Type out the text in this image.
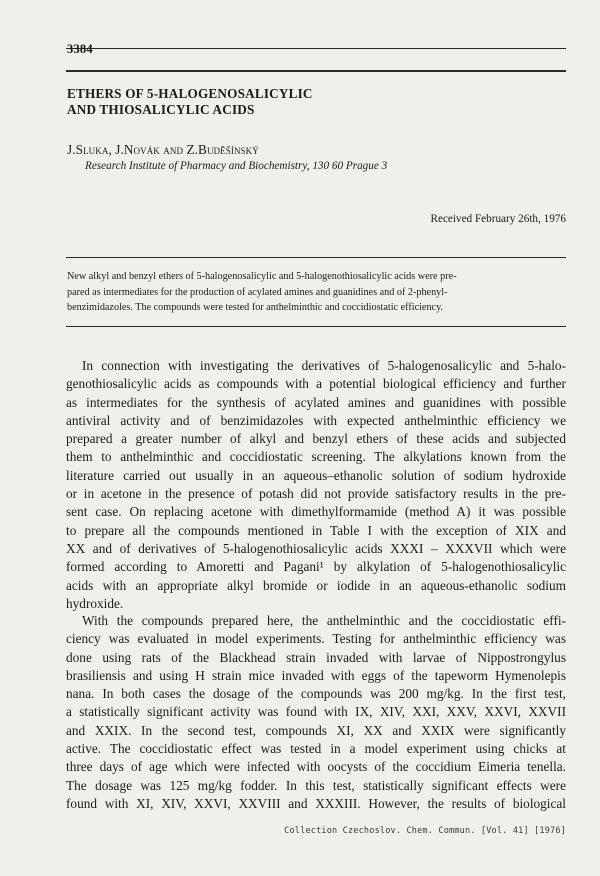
3384
ETHERS OF 5-HALOGENOSALICYLIC
AND THIOSALICYLIC ACIDS
J.Sluka, J.Novák and Z.Buděšínský
Research Institute of Pharmacy and Biochemistry, 130 60 Prague 3
Received February 26th, 1976
New alkyl and benzyl ethers of 5-halogenosalicylic and 5-halogenothiosalicylic acids were pre-
pared as intermediates for the production of acylated amines and guanidines and of 2-phenyl-
benzimidazoles. The compounds were tested for anthelminthic and coccidiostatic efficiency.
In connection with investigating the derivatives of 5-halogenosalicylic and 5-halo-
genothiosalicylic acids as compounds with a potential biological efficiency and further
as intermediates for the synthesis of acylated amines and guanidines with possible
antiviral activity and of benzimidazoles with expected anthelminthic efficiency we
prepared a greater number of alkyl and benzyl ethers of these acids and subjected
them to anthelminthic and coccidiostatic screening. The alkylations known from the
literature carried out usually in an aqueous–ethanolic solution of sodium hydroxide
or in acetone in the presence of potash did not provide satisfactory results in the pre-
sent case. On replacing acetone with dimethylformamide (method A) it was possible
to prepare all the compounds mentioned in Table I with the exception of XIX and
XX and of derivatives of 5-halogenothiosalicylic acids XXXI – XXXVII which were
formed according to Amoretti and Pagani¹ by alkylation of 5-halogenothiosalicylic
acids with an appropriate alkyl bromide or iodide in an aqueous-ethanolic sodium
hydroxide.
With the compounds prepared here, the anthelminthic and the coccidiostatic effi-
ciency was evaluated in model experiments. Testing for anthelminthic efficiency was
done using rats of the Blackhead strain invaded with larvae of Nippostrongylus
brasiliensis and using H strain mice invaded with eggs of the tapeworm Hymenolepis
nana. In both cases the dosage of the compounds was 200 mg/kg. In the first test,
a statistically significant activity was found with IX, XIV, XXI, XXV, XXVI, XXVII
and XXIX. In the second test, compounds XI, XX and XXIX were significantly
active. The coccidiostatic effect was tested in a model experiment using chicks at
three days of age which were infected with oocysts of the coccidium Eimeria tenella.
The dosage was 125 mg/kg fodder. In this test, statistically significant effects were
found with XI, XIV, XXVI, XXVIII and XXXIII. However, the results of biological
Collection Czechoslov. Chem. Commun. [Vol. 41] [1976]
